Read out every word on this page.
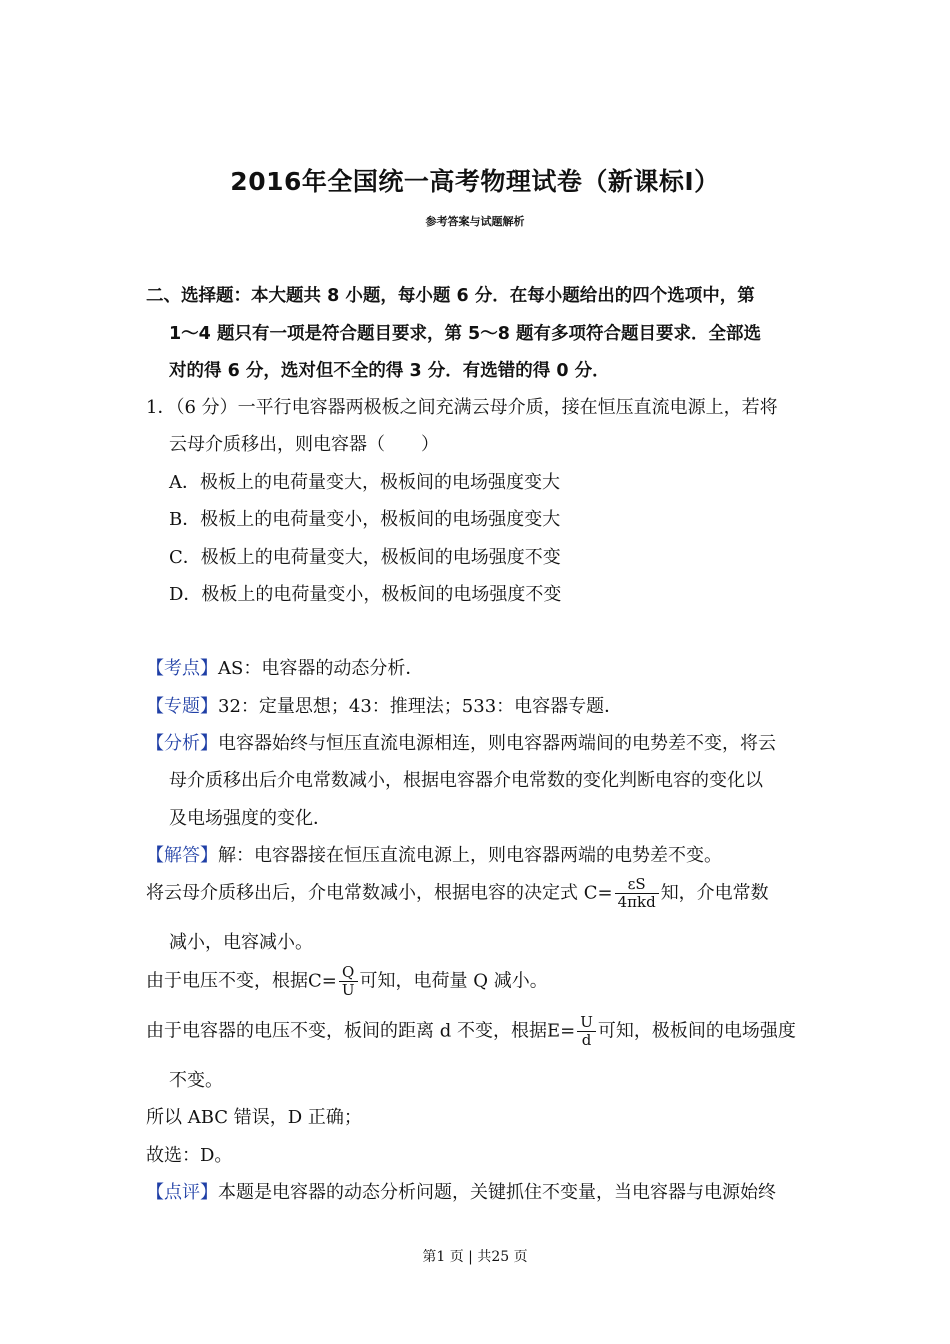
2016年全国统一高考物理试卷（新课标Ⅰ）
参考答案与试题解析
二、选择题：本大题共 8 小题，每小题 6 分．在每小题给出的四个选项中，第
1～4 题只有一项是符合题目要求，第 5～8 题有多项符合题目要求．全部选
对的得 6 分，选对但不全的得 3 分．有选错的得 0 分．
1．（6 分）一平行电容器两极板之间充满云母介质，接在恒压直流电源上，若将
云母介质移出，则电容器（　　）
A．极板上的电荷量变大，极板间的电场强度变大
B．极板上的电荷量变小，极板间的电场强度变大
C．极板上的电荷量变大，极板间的电场强度不变
D．极板上的电荷量变小，极板间的电场强度不变
【考点】AS：电容器的动态分析．
【专题】32：定量思想；43：推理法；533：电容器专题．
【分析】电容器始终与恒压直流电源相连，则电容器两端间的电势差不变，将云
母介质移出后介电常数减小，根据电容器介电常数的变化判断电容的变化以
及电场强度的变化．
【解答】解：电容器接在恒压直流电源上，则电容器两端的电势差不变。
将云母介质移出后，介电常数减小，根据电容的决定式 $C= \frac{\varepsilon S}{\text{4πkd}}$ 知，介电常数
减小，电容减小。
由于电压不变，根据$C= \frac{Q}{U}$ 可知，电荷量 Q 减小。
由于电容器的电压不变，板间的距离 d 不变，根据$E= \frac{U}{d}$ 可知，极板间的电场强度
不变。
所以 ABC 错误，D 正确；
故选：D。
【点评】本题是电容器的动态分析问题，关键抓住不变量，当电容器与电源始终
第1 页 | 共25 页
